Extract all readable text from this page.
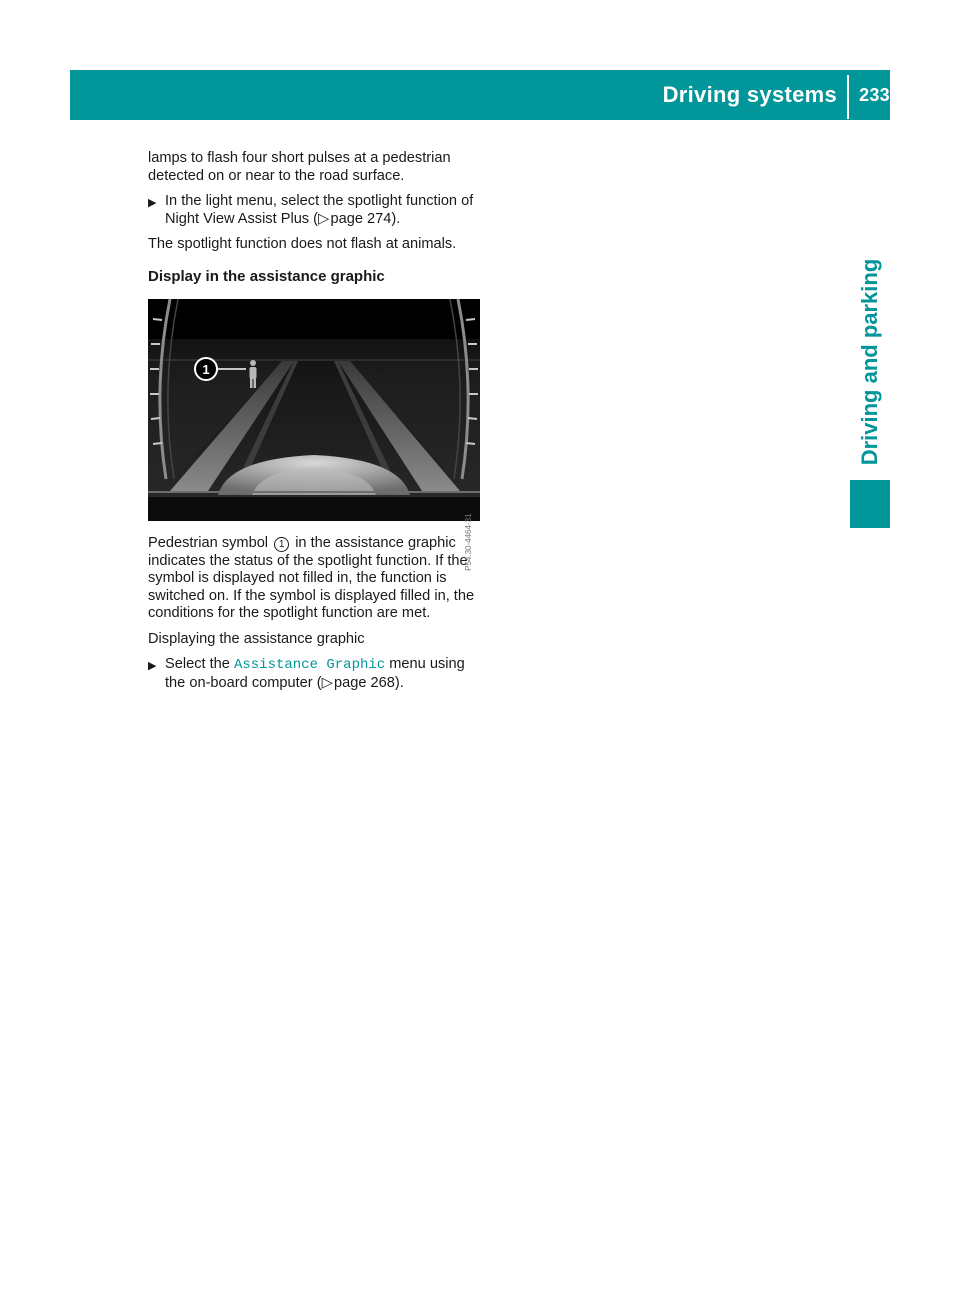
Driving systems 233
Driving and parking

lamps to flash four short pulses at a pedestrian detected on or near to the road surface.

▶ In the light menu, select the spotlight function of Night View Assist Plus (▷ page 274).

The spotlight function does not flash at animals.

Display in the assistance graphic

1
P54.30-4464-31

Pedestrian symbol 1 in the assistance graphic indicates the status of the spotlight function. If the symbol is displayed not filled in, the function is switched on. If the symbol is displayed filled in, the conditions for the spotlight function are met.

Displaying the assistance graphic

▶ Select the Assistance Graphic menu using the on-board computer (▷ page 268).
